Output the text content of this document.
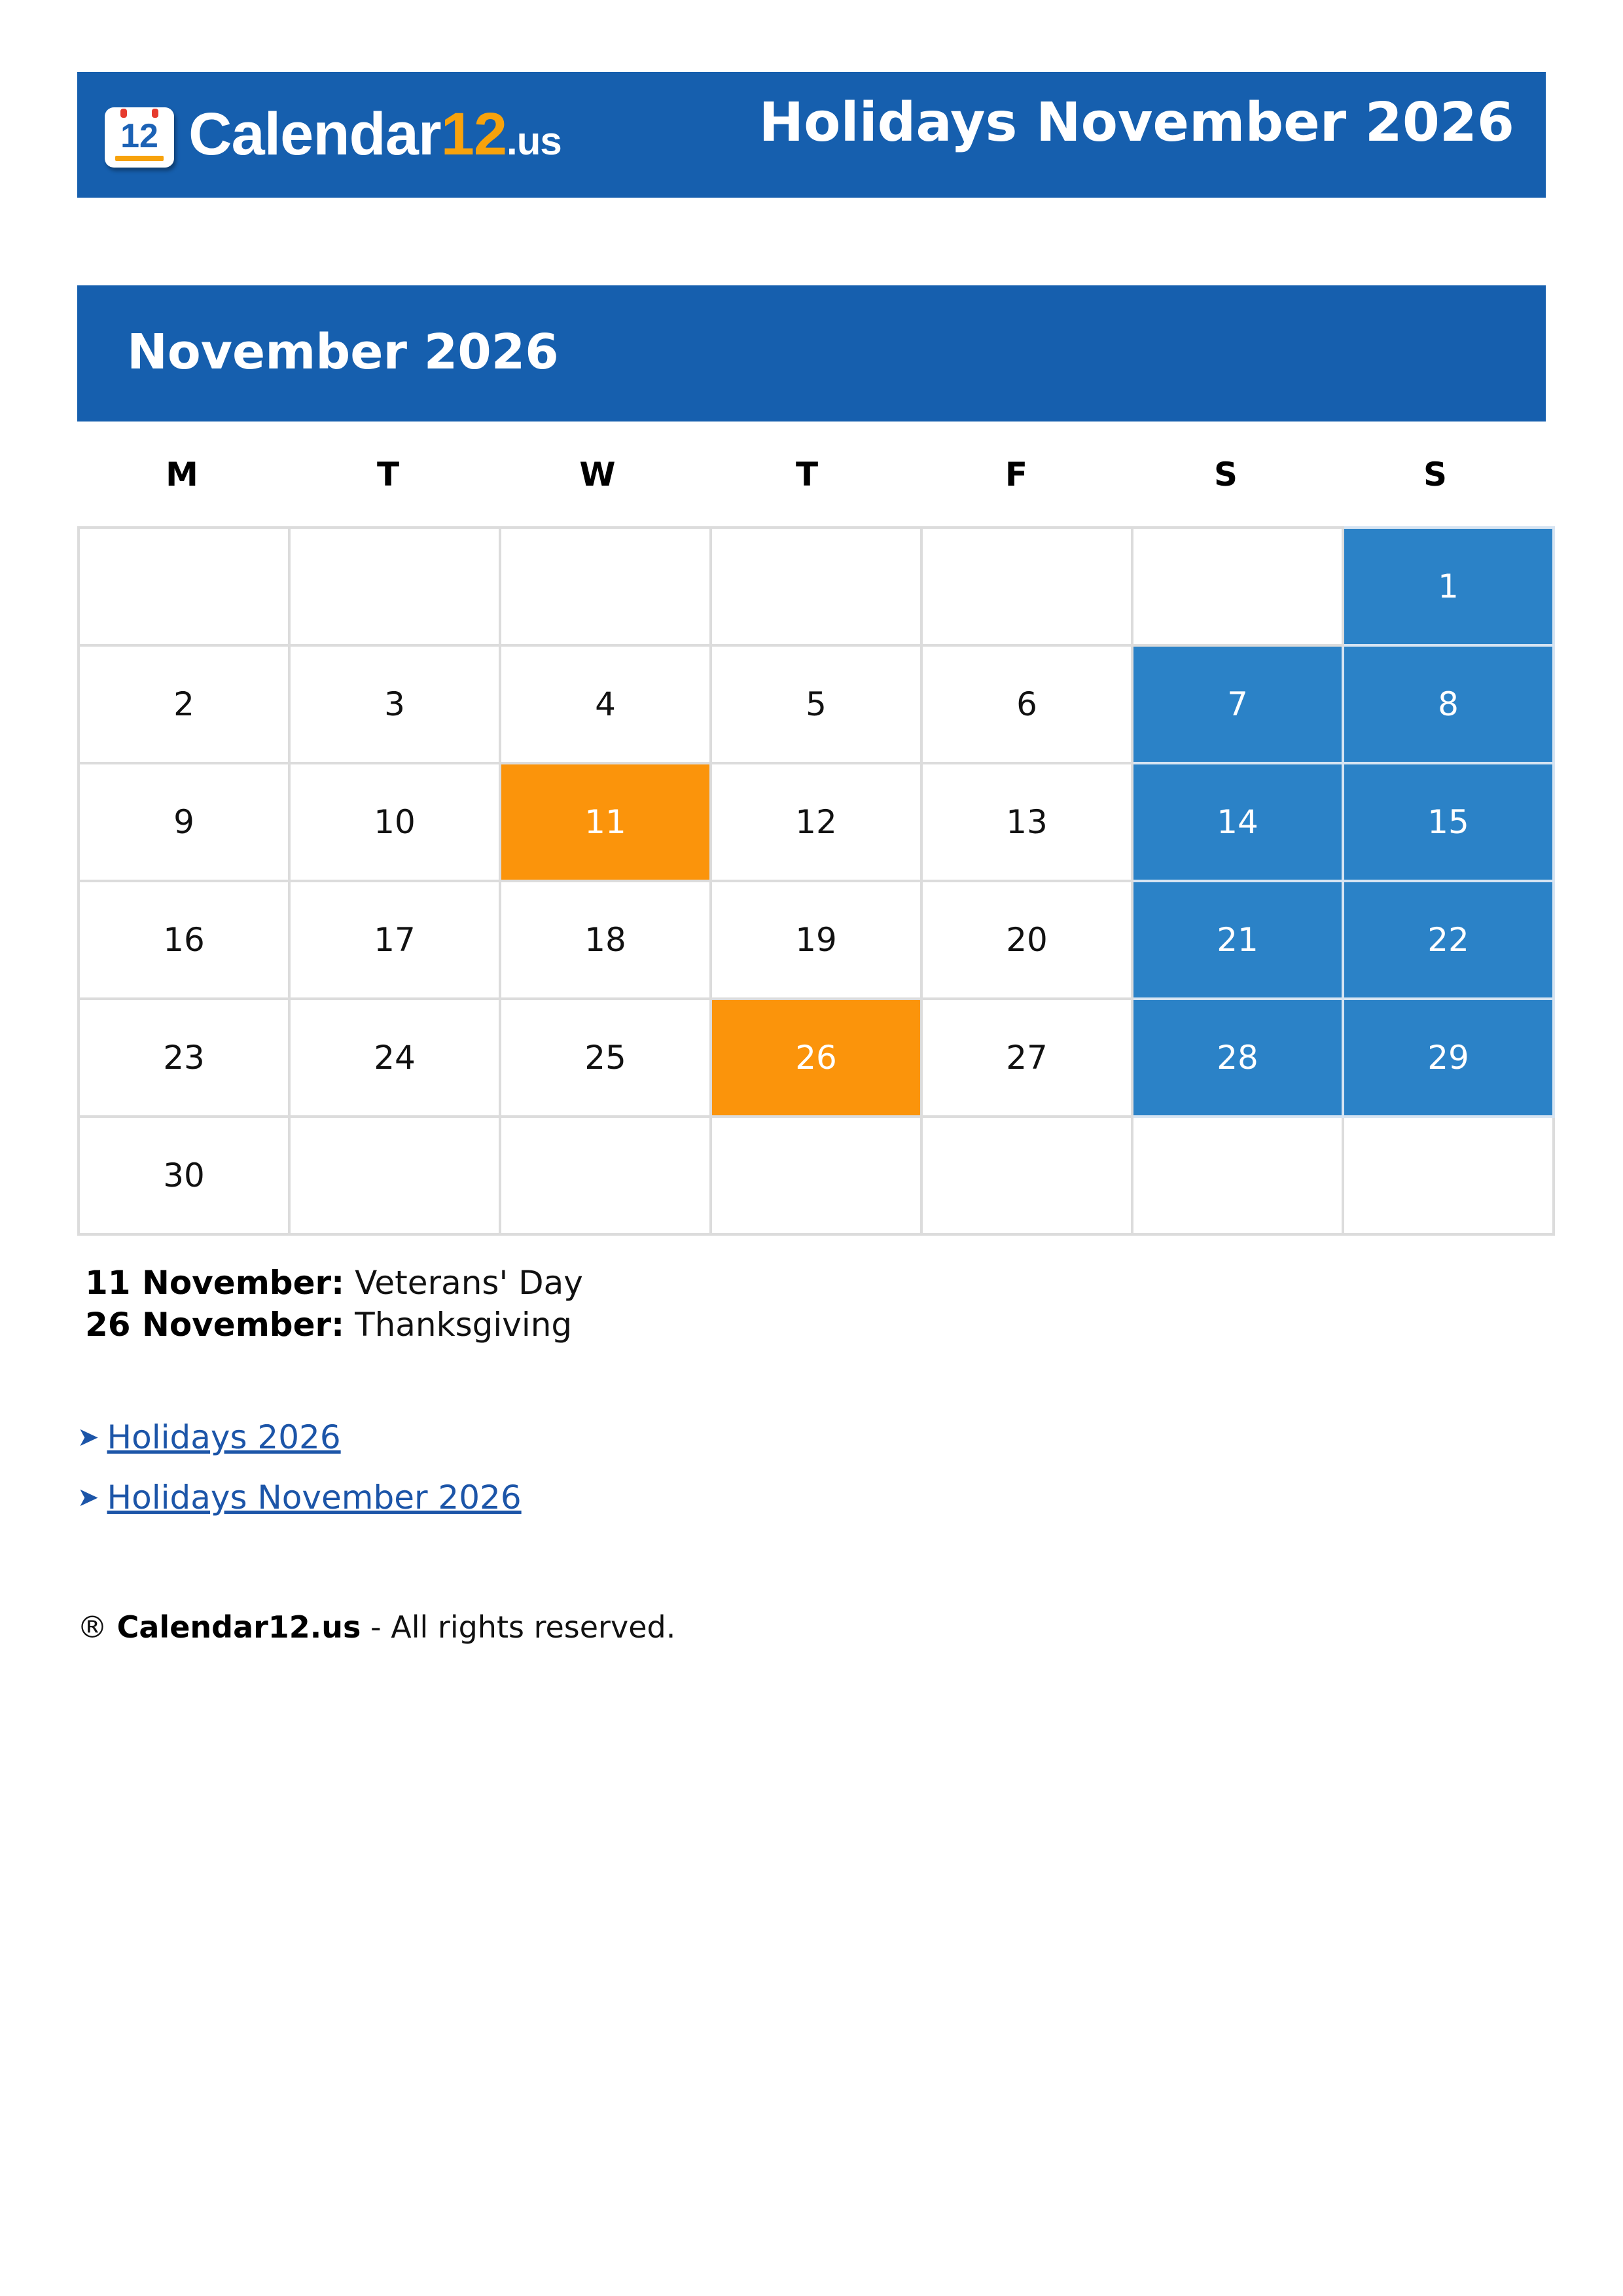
12 Calendar12.us	Holidays November 2026
November 2026
M	T	W	T	F	S	S
						1
2	3	4	5	6	7	8
9	10	11	12	13	14	15
16	17	18	19	20	21	22
23	24	25	26	27	28	29
30						
11 November: Veterans' Day
26 November: Thanksgiving
➤ Holidays 2026
➤ Holidays November 2026
® Calendar12.us - All rights reserved.
